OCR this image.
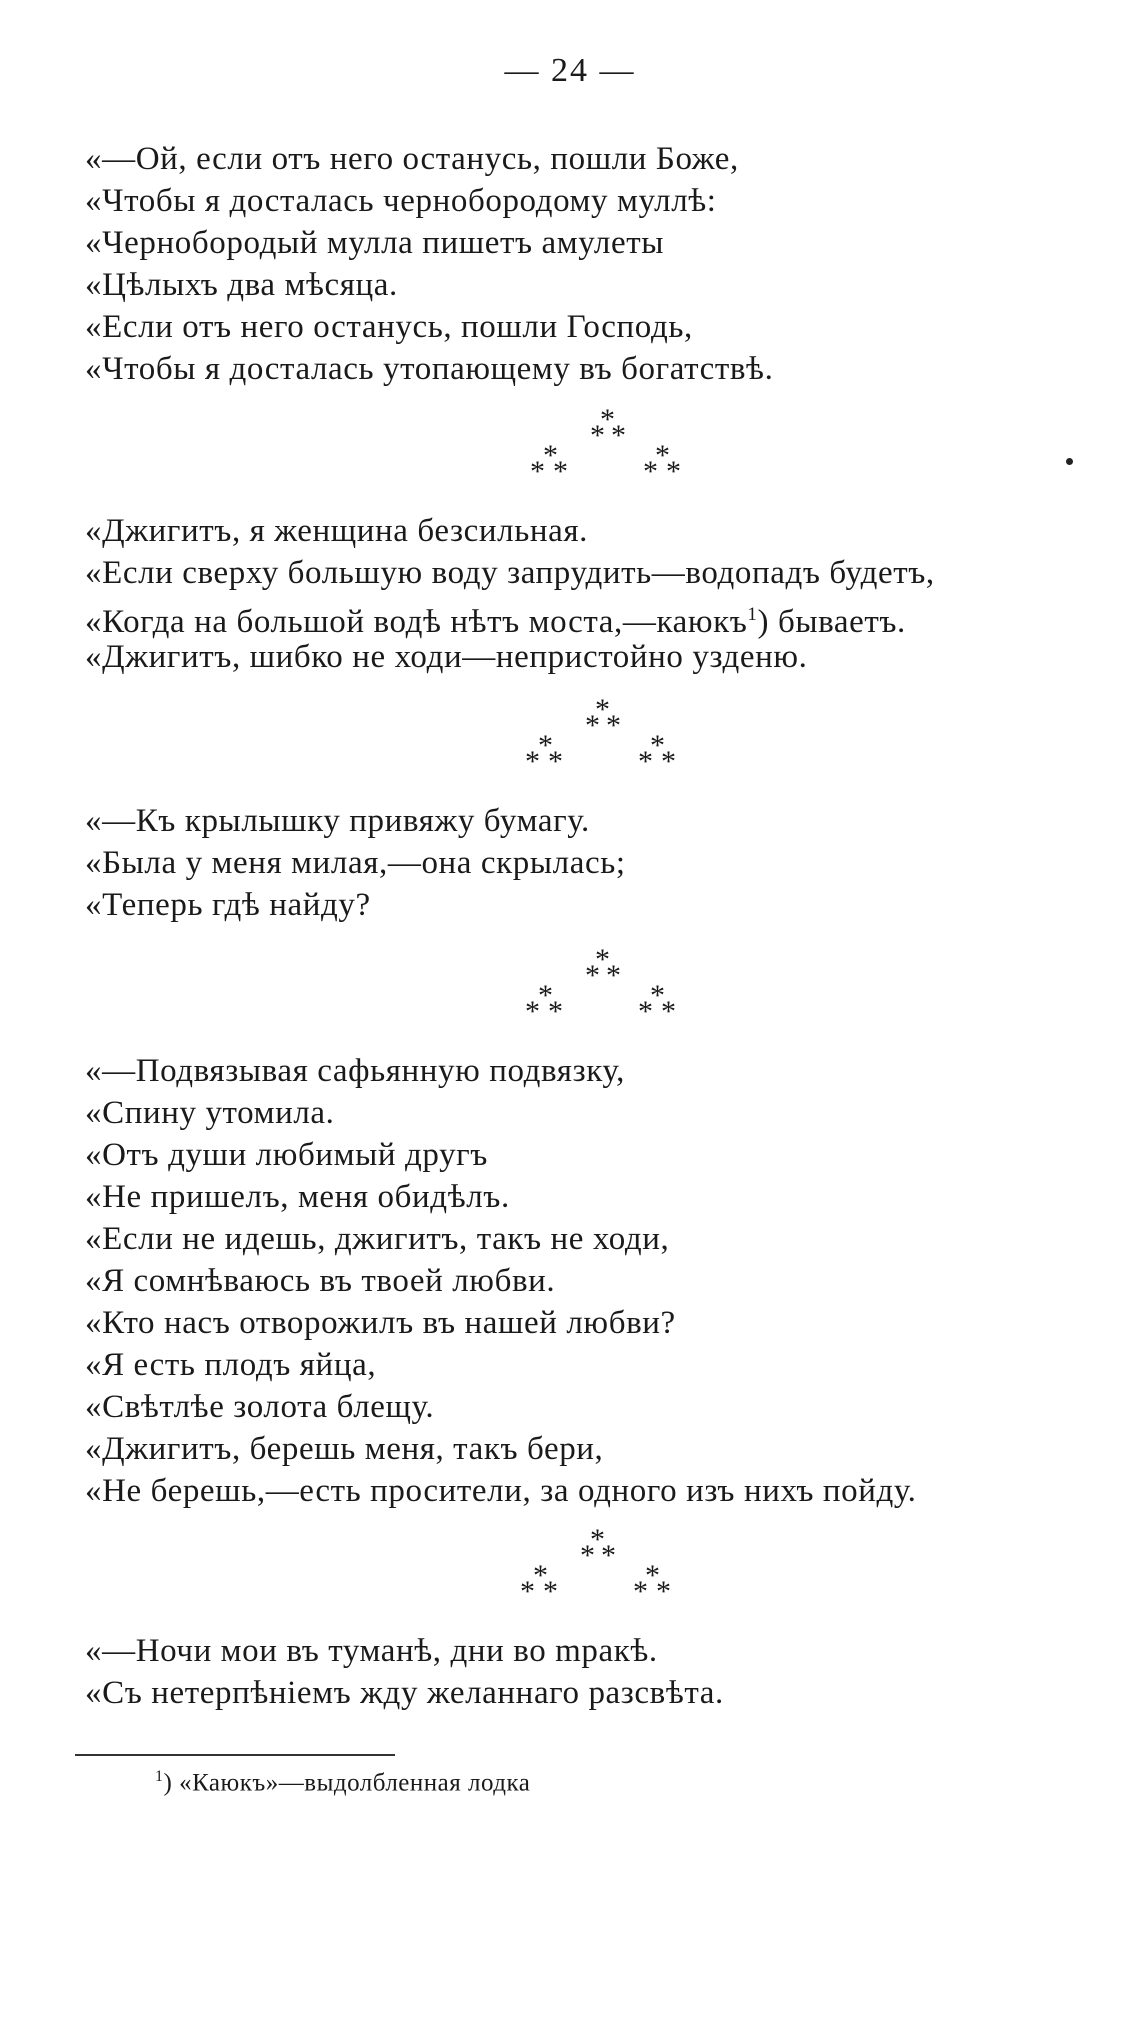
— 24 —
«—Ой, если отъ него останусь, пошли Боже,
«Чтобы я досталась чернобородому муллѣ:
«Чернобородый мулла пишетъ амулеты
«Цѣлыхъ два мѣсяца.
«Если отъ него останусь, пошли Господь,
«Чтобы я досталась утопающему въ богатствѣ.
*
* *
*
* *	*
* *
«Джигитъ, я женщина безсильная.
«Если сверху большую воду запрудить—водопадъ будетъ,
«Когда на большой водѣ нѣтъ моста,—каюкъ$^1$) бываетъ.
«Джигитъ, шибко не ходи—непристойно узденю.
*
* *
*
* *	*
* *
«—Къ крылышку привяжу бумагу.
«Была у меня милая,—она скрылась;
«Теперь гдѣ найду?
*
* *
*
* *	*
* *
«—Подвязывая сафьянную подвязку,
«Спину утомила.
«Отъ души любимый другъ
«Не пришелъ, меня обидѣлъ.
«Если не идешь, джигитъ, такъ не ходи,
«Я сомнѣваюсь въ твоей любви.
«Кто насъ отворожилъ въ нашей любви?
«Я есть плодъ яйца,
«Свѣтлѣе золота блещу.
«Джигитъ, берешь меня, такъ бери,
«Не берешь,—есть просители, за одного изъ нихъ пойду.
*
* *
*
* *	*
* *
«—Ночи мои въ туманѣ, дни во mракѣ.
«Съ нетерпѣніемъ жду желаннаго разсвѣта.
$^1$) «Каюкъ»—выдолбленная лодка
